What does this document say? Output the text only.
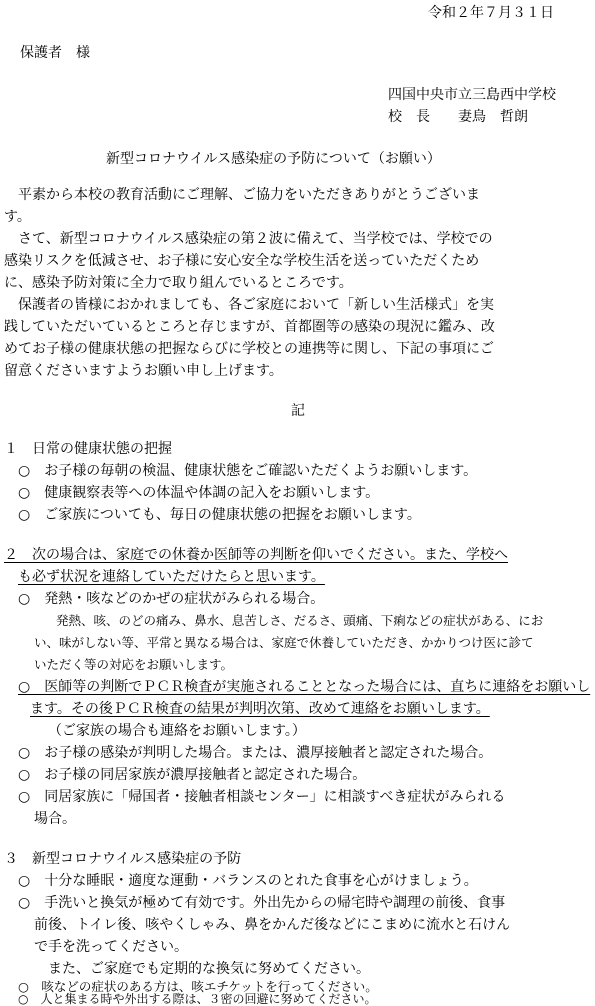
令和２年７月３１日
保護者　様
四国中央市立三島西中学校
校　長　　妻鳥　哲朗
新型コロナウイルス感染症の予防について（お願い）
平素から本校の教育活動にご理解、ご協力をいただきありがとうございま
す。
さて、新型コロナウイルス感染症の第２波に備えて、当学校では、学校での
感染リスクを低減させ、お子様に安心安全な学校生活を送っていただくため
に、感染予防対策に全力で取り組んでいるところです。
保護者の皆様におかれましても、各ご家庭において「新しい生活様式」を実
践していただいているところと存じますが、首都圏等の感染の現況に鑑み、改
めてお子様の健康状態の把握ならびに学校との連携等に関し、下記の事項にご
留意くださいますようお願い申し上げます。
記
１　日常の健康状態の把握
○　お子様の毎朝の検温、健康状態をご確認いただくようお願いします。
○　健康観察表等への体温や体調の記入をお願いします。
○　ご家族についても、毎日の健康状態の把握をお願いします。
２　次の場合は、家庭での休養か医師等の判断を仰いでください。また、学校へ
も必ず状況を連絡していただけたらと思います。
○　発熱・咳などのかぜの症状がみられる場合。
発熱、咳、のどの痛み、鼻水、息苦しさ、だるさ、頭痛、下痢などの症状がある、にお
い、味がしない等、平常と異なる場合は、家庭で休養していただき、かかりつけ医に診て
いただく等の対応をお願いします。
○　医師等の判断でＰＣＲ検査が実施されることとなった場合には、直ちに連絡をお願いし
ます。その後ＰＣＲ検査の結果が判明次第、改めて連絡をお願いします。
（ご家族の場合も連絡をお願いします。）
○　お子様の感染が判明した場合。または、濃厚接触者と認定された場合。
○　お子様の同居家族が濃厚接触者と認定された場合。
○　同居家族に「帰国者・接触者相談センター」に相談すべき症状がみられる
場合。
３　新型コロナウイルス感染症の予防
○　十分な睡眠・適度な運動・バランスのとれた食事を心がけましょう。
○　手洗いと換気が極めて有効です。外出先からの帰宅時や調理の前後、食事
前後、トイレ後、咳やくしゃみ、鼻をかんだ後などにこまめに流水と石けん
で手を洗ってください。
また、ご家庭でも定期的な換気に努めてください。
○　咳などの症状のある方は、咳エチケットを行ってください。
○　人と集まる時や外出する際は、３密の回避に努めてください。
